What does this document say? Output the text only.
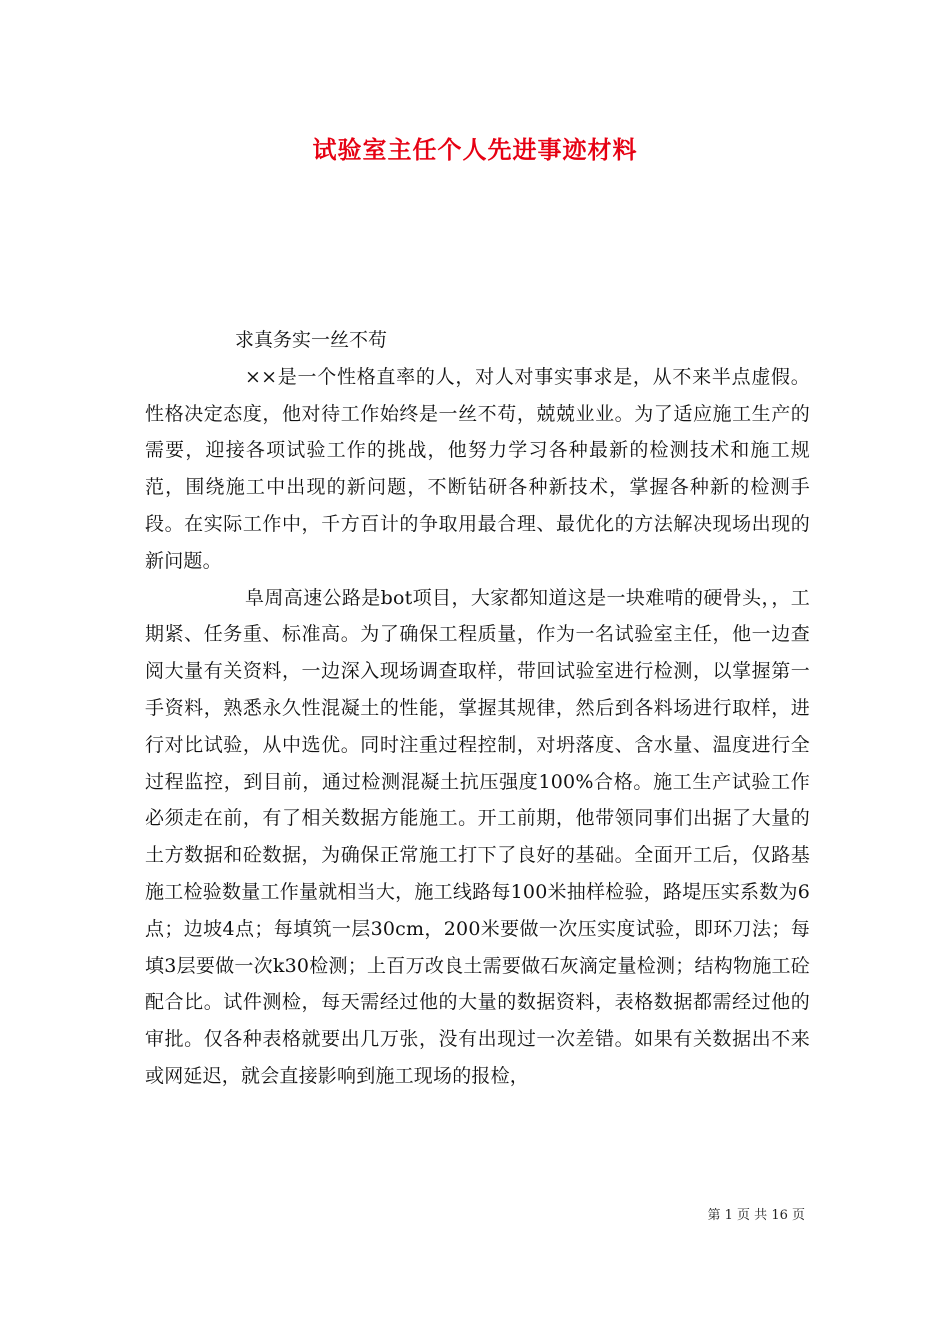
试验室主任个人先进事迹材料

求真务实一丝不苟

××是一个性格直率的人，对人对事实事求是，从不来半点虚假。性格决定态度，他对待工作始终是一丝不苟，兢兢业业。为了适应施工生产的需要，迎接各项试验工作的挑战，他努力学习各种最新的检测技术和施工规范，围绕施工中出现的新问题，不断钻研各种新技术，掌握各种新的检测手段。在实际工作中，千方百计的争取用最合理、最优化的方法解决现场出现的新问题。

阜周高速公路是bot项目，大家都知道这是一块难啃的硬骨头，，工期紧、任务重、标准高。为了确保工程质量，作为一名试验室主任，他一边查阅大量有关资料，一边深入现场调查取样，带回试验室进行检测，以掌握第一手资料，熟悉永久性混凝土的性能，掌握其规律，然后到各料场进行取样，进行对比试验，从中选优。同时注重过程控制，对坍落度、含水量、温度进行全过程监控，到目前，通过检测混凝土抗压强度100%合格。施工生产试验工作必须走在前，有了相关数据方能施工。开工前期，他带领同事们出据了大量的土方数据和砼数据，为确保正常施工打下了良好的基础。全面开工后，仅路基施工检验数量工作量就相当大，施工线路每100米抽样检验，路堤压实系数为6点；边坡4点；每填筑一层30cm，200米要做一次压实度试验，即环刀法；每填3层要做一次k30检测；上百万改良土需要做石灰滴定量检测；结构物施工砼配合比。试件测检，每天需经过他的大量的数据资料，表格数据都需经过他的审批。仅各种表格就要出几万张，没有出现过一次差错。如果有关数据出不来或网延迟，就会直接影响到施工现场的报检，

第 1 页 共 16 页
